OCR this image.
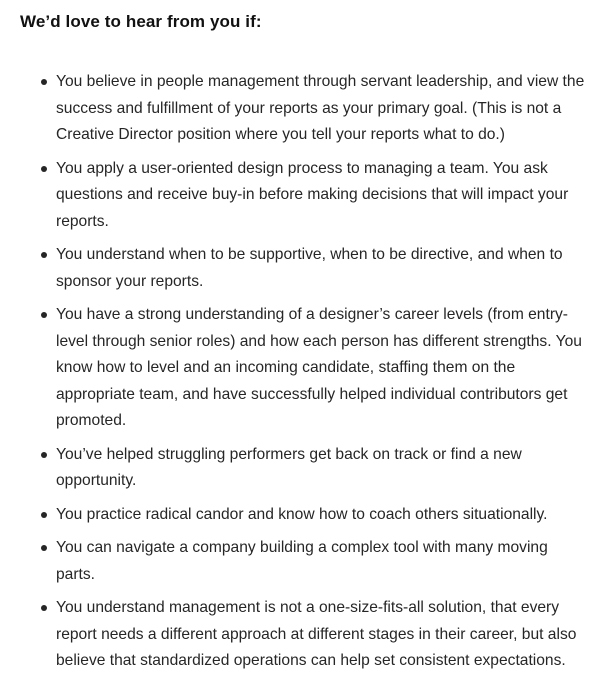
We’d love to hear from you if:
You believe in people management through servant leadership, and view the success and fulfillment of your reports as your primary goal. (This is not a Creative Director position where you tell your reports what to do.)
You apply a user-oriented design process to managing a team. You ask questions and receive buy-in before making decisions that will impact your reports.
You understand when to be supportive, when to be directive, and when to sponsor your reports.
You have a strong understanding of a designer’s career levels (from entry-level through senior roles) and how each person has different strengths. You know how to level and an incoming candidate, staffing them on the appropriate team, and have successfully helped individual contributors get promoted.
You’ve helped struggling performers get back on track or find a new opportunity.
You practice radical candor and know how to coach others situationally.
You can navigate a company building a complex tool with many moving parts.
You understand management is not a one-size-fits-all solution, that every report needs a different approach at different stages in their career, but also believe that standardized operations can help set consistent expectations.
